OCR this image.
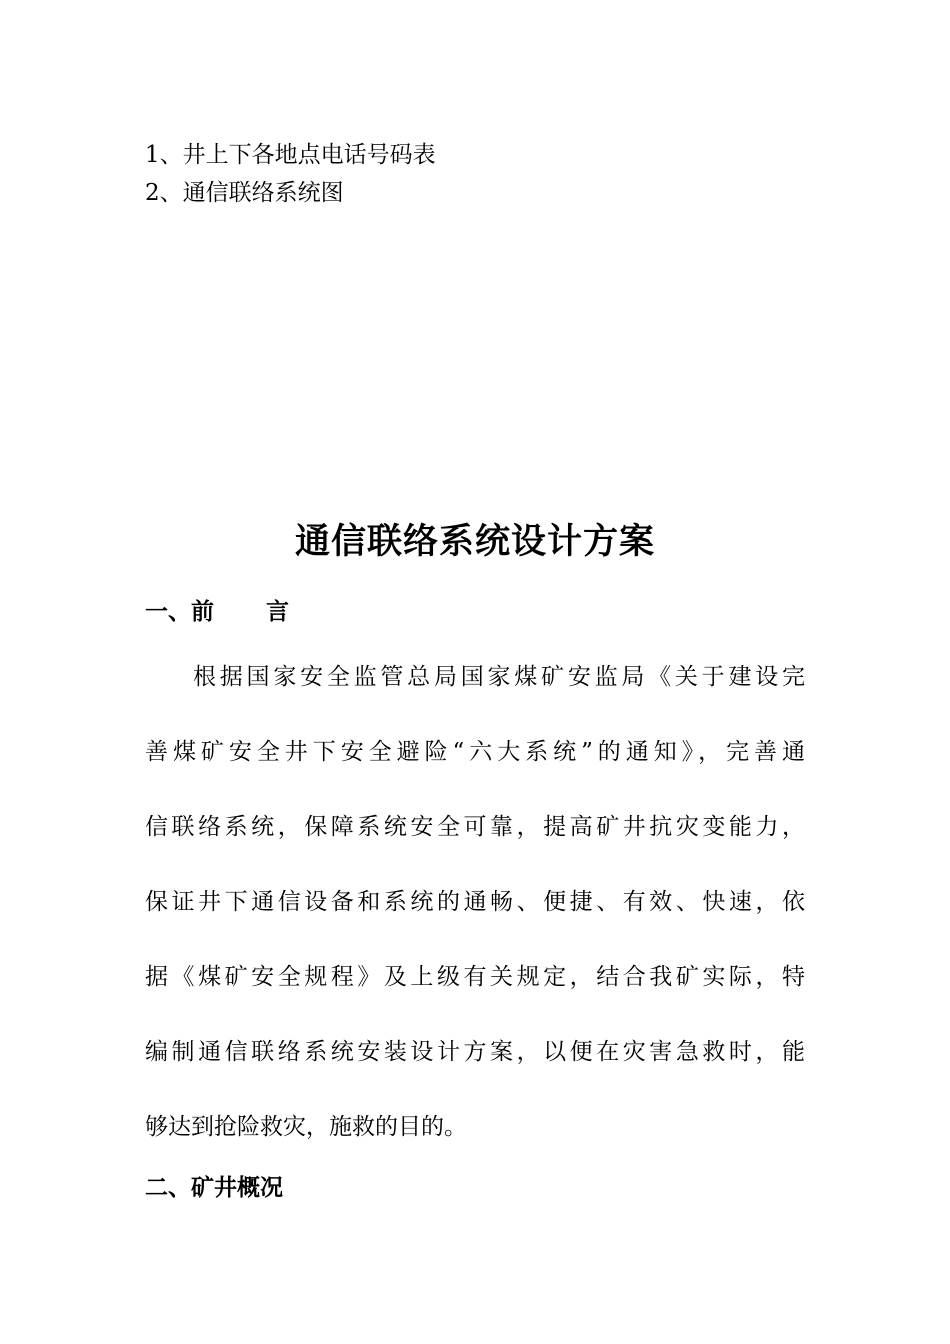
1、井上下各地点电话号码表
2、通信联络系统图
通信联络系统设计方案
一、前 言
根据国家安全监管总局国家煤矿安监局《关于建设完
善煤矿安全井下安全避险“六大系统”的通知》，完善通
信联络系统，保障系统安全可靠，提高矿井抗灾变能力，
保证井下通信设备和系统的通畅、便捷、有效、快速，依
据《煤矿安全规程》及上级有关规定，结合我矿实际，特
编制通信联络系统安装设计方案，以便在灾害急救时，能
够达到抢险救灾，施救的目的。
二、矿井概况
